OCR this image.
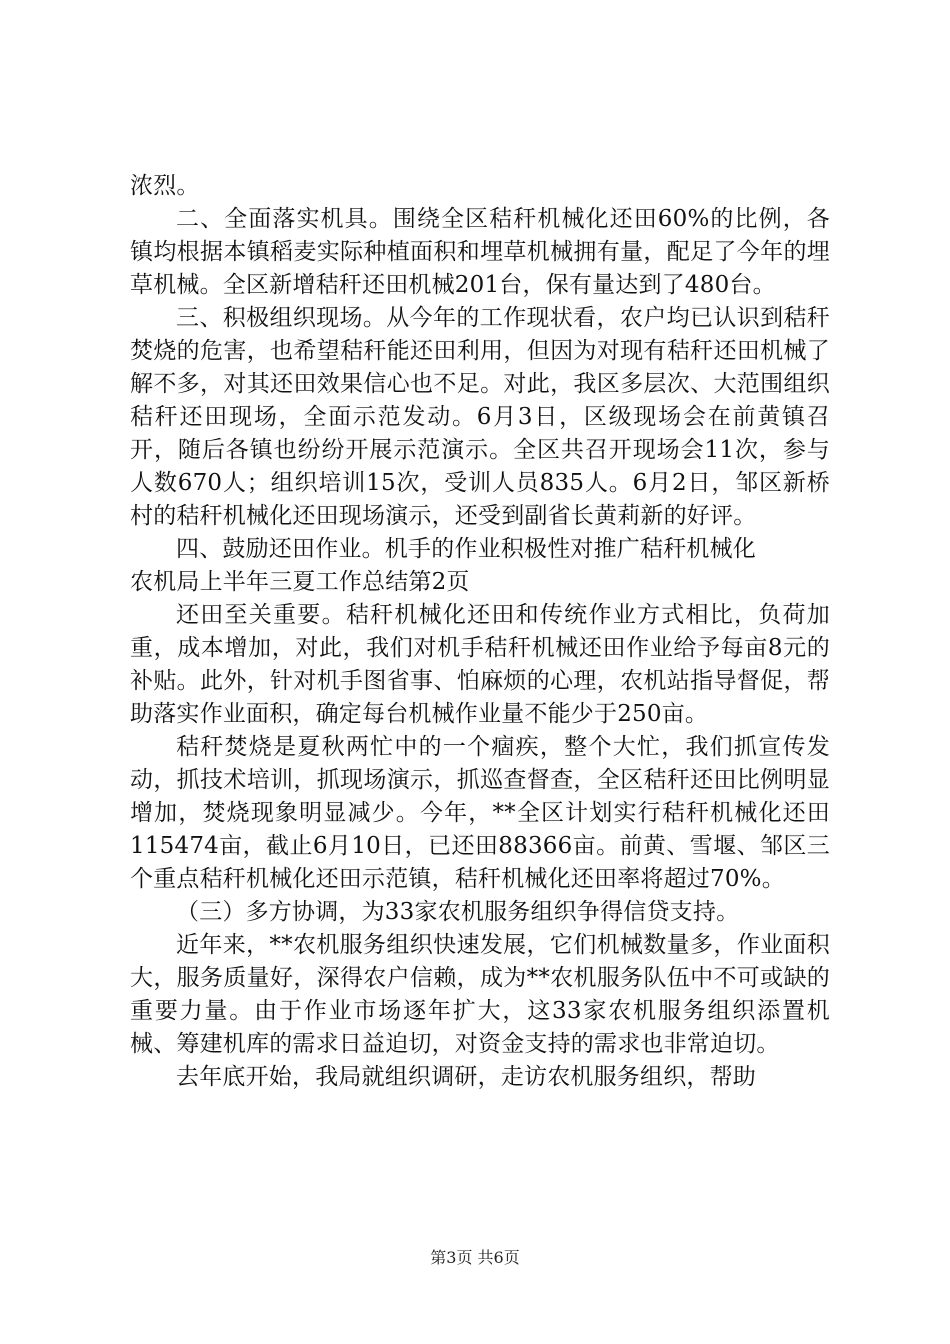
浓烈。

二、全面落实机具。围绕全区秸秆机械化还田60%的比例，各镇均根据本镇稻麦实际种植面积和埋草机械拥有量，配足了今年的埋草机械。全区新增秸秆还田机械201台，保有量达到了480台。

三、积极组织现场。从今年的工作现状看，农户均已认识到秸秆焚烧的危害，也希望秸秆能还田利用，但因为对现有秸秆还田机械了解不多，对其还田效果信心也不足。对此，我区多层次、大范围组织秸秆还田现场，全面示范发动。6月3日，区级现场会在前黄镇召开，随后各镇也纷纷开展示范演示。全区共召开现场会11次，参与人数670人；组织培训15次，受训人员835人。6月2日，邹区新桥村的秸秆机械化还田现场演示，还受到副省长黄莉新的好评。

四、鼓励还田作业。机手的作业积极性对推广秸秆机械化

农机局上半年三夏工作总结第2页

还田至关重要。秸秆机械化还田和传统作业方式相比，负荷加重，成本增加，对此，我们对机手秸秆机械还田作业给予每亩8元的补贴。此外，针对机手图省事、怕麻烦的心理，农机站指导督促，帮助落实作业面积，确定每台机械作业量不能少于250亩。

秸秆焚烧是夏秋两忙中的一个痼疾，整个大忙，我们抓宣传发动，抓技术培训，抓现场演示，抓巡查督查，全区秸秆还田比例明显增加，焚烧现象明显减少。今年，**全区计划实行秸秆机械化还田115474亩，截止6月10日，已还田88366亩。前黄、雪堰、邹区三个重点秸秆机械化还田示范镇，秸秆机械化还田率将超过70%。

（三）多方协调，为33家农机服务组织争得信贷支持。

近年来，**农机服务组织快速发展，它们机械数量多，作业面积大，服务质量好，深得农户信赖，成为**农机服务队伍中不可或缺的重要力量。由于作业市场逐年扩大，这33家农机服务组织添置机械、筹建机库的需求日益迫切，对资金支持的需求也非常迫切。

去年底开始，我局就组织调研，走访农机服务组织，帮助

第3页 共6页
